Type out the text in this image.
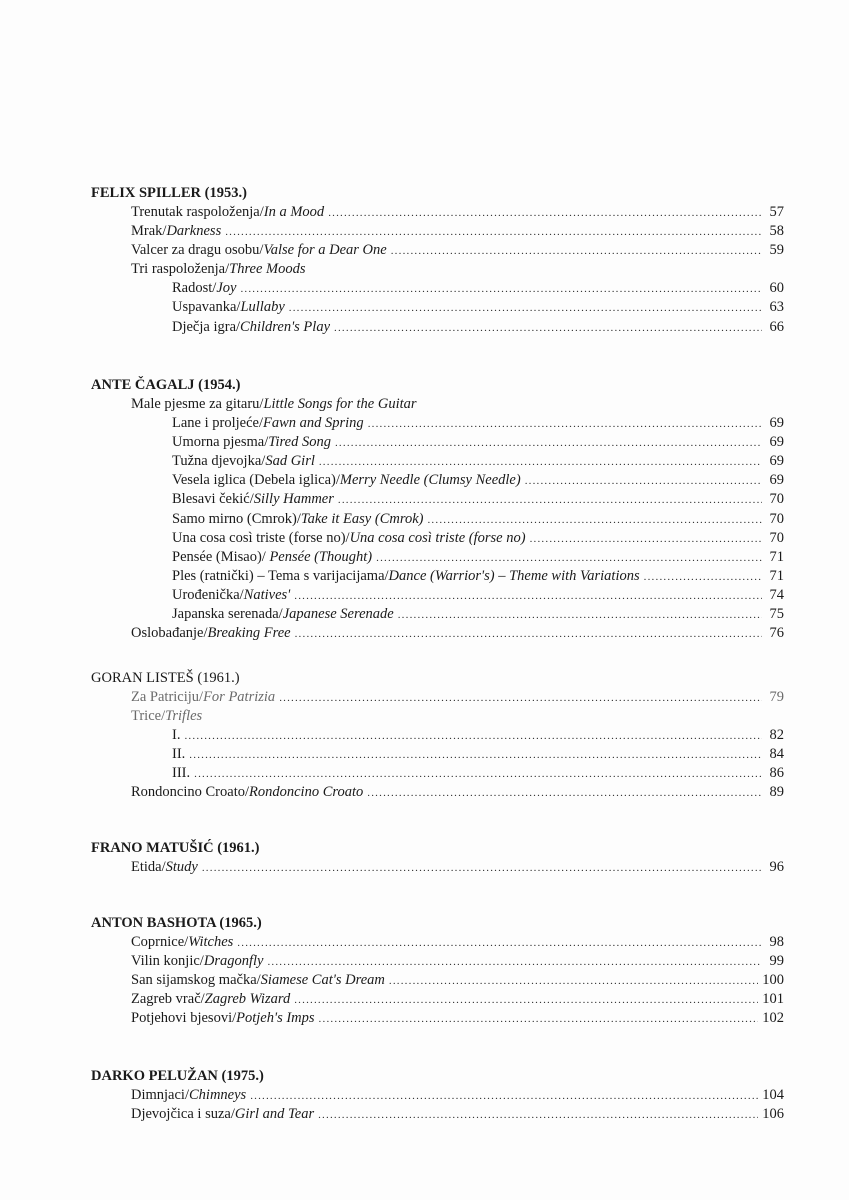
FELIX SPILLER (1953.)
Trenutak raspoloženja/In a Mood .....	57
Mrak/Darkness .....	58
Valcer za dragu osobu/Valse for a Dear One .....	59
Tri raspoloženja/Three Moods
Radost/Joy .....	60
Uspavanka/Lullaby .....	63
Dječja igra/Children's Play .....	66
ANTE ČAGALJ (1954.)
Male pjesme za gitaru/Little Songs for the Guitar
Lane i proljeće/Fawn and Spring .....	69
Umorna pjesma/Tired Song .....	69
Tužna djevojka/Sad Girl .....	69
Vesela iglica (Debela iglica)/Merry Needle (Clumsy Needle) .....	69
Blesavi čekić/Silly Hammer .....	70
Samo mirno (Cmrok)/Take it Easy (Cmrok) .....	70
Una cosa così triste (forse no)/Una cosa così triste (forse no) .....	70
Pensée (Misao)/ Pensée (Thought) .....	71
Ples (ratnički) – Tema s varijacijama/Dance (Warrior's) – Theme with Variations .....	71
Urođenička/Natives' .....	74
Japanska serenada/Japanese Serenade .....	75
Oslobađanje/Breaking Free .....	76
GORAN LISTEŠ (1961.)
Za Patriciju/For Patrizia .....	79
Trice/Trifles
I. .....	82
II. .....	84
III. .....	86
Rondoncino Croato/Rondoncino Croato .....	89
FRANO MATUŠIĆ (1961.)
Etida/Study .....	96
ANTON BASHOTA (1965.)
Coprnice/Witches .....	98
Vilin konjic/Dragonfly .....	99
San sijamskog mačka/Siamese Cat's Dream .....	100
Zagreb vrač/Zagreb Wizard .....	101
Potjehovi bjesovi/Potjeh's Imps .....	102
DARKO PELUŽAN (1975.)
Dimnjaci/Chimneys .....	104
Djevojčica i suza/Girl and Tear .....	106
